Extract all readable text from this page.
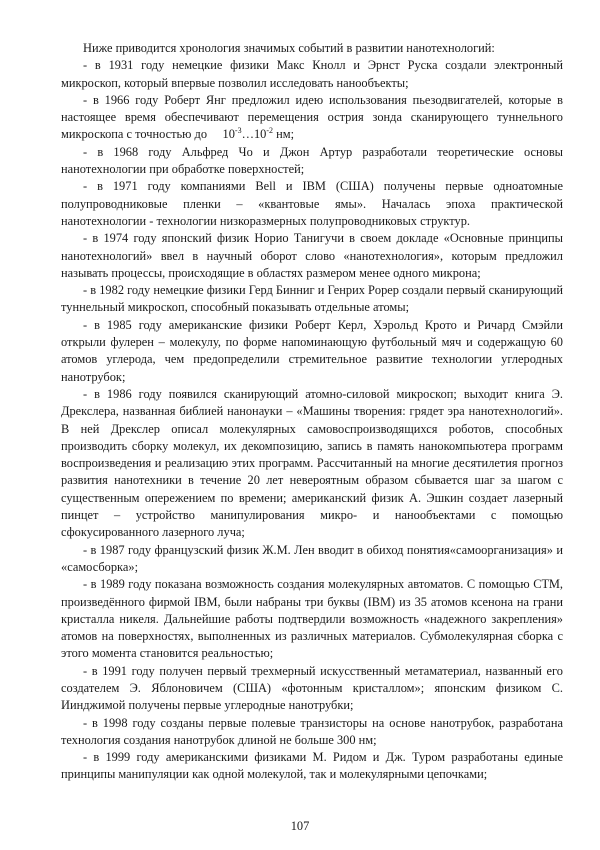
Ниже приводится хронология значимых событий в развитии нанотехнологий:

- в 1931 году немецкие физики Макс Кнолл и Эрнст Руска создали электронный микроскоп, который впервые позволил исследовать нанообъекты;

- в 1966 году Роберт Янг предложил идею использования пьезодвигателей, которые в настоящее время обеспечивают перемещения острия зонда сканирующего туннельного микроскопа с точностью до $10^{-3}\dots 10^{-2}$ нм;

- в 1968 году Альфред Чо и Джон Артур разработали теоретические основы нанотехнологии при обработке поверхностей;

- в 1971 году компаниями Bell и IBM (США) получены первые одноатомные полупроводниковые пленки – «квантовые ямы». Началась эпоха практической нанотехнологии - технологии низкоразмерных полупроводниковых структур.

- в 1974 году японский физик Норио Танигучи в своем докладе «Основные принципы нанотехнологий» ввел в научный оборот слово «нанотехнология», которым предложил называть процессы, происходящие в областях размером менее одного микрона;

- в 1982 году немецкие физики Герд Бинниг и Генрих Popep создали первый сканирующий туннельный микроскоп, способный показывать отдельные атомы;

- в 1985 году американские физики Роберт Керл, Хэрольд Крото и Ричард Смэйли открыли фулерен – молекулу, по форме напоминающую футбольный мяч и содержащую 60 атомов углерода, чем предопределили стремительное развитие технологии углеродных нанотрубок;

- в 1986 году появился сканирующий атомно-силовой микроскоп; выходит книга Э. Дрекслера, названная библией нанонауки – «Машины творения: грядет эра нанотехнологий». В ней Дрекслер описал молекулярных самовоспроизводящихся роботов, способных производить сборку молекул, их декомпозицию, запись в память нанокомпьютера программ воспроизведения и реализацию этих программ. Рассчитанный на многие десятилетия прогноз развития нанотехники в течение 20 лет невероятным образом сбывается шаг за шагом с существенным опережением по времени; американский физик А. Эшкин создает лазерный пинцет – устройство манипулирования микро- и нанообъектами с помощью сфокусированного лазерного луча;

- в 1987 году французский физик Ж.М. Лен вводит в обиход понятия«самоорганизация» и «самосборка»;

- в 1989 году показана возможность создания молекулярных автоматов. С помощью СТМ, произведённого фирмой IBM, были набраны три буквы (IBM) из 35 атомов ксенона на грани кристалла никеля. Дальнейшие работы подтвердили возможность «надежного закрепления» атомов на поверхностях, выполненных из различных материалов. Субмолекулярная сборка с этого момента становится реальностью;

- в 1991 году получен первый трехмерный искусственный метаматериал, названный его создателем Э. Яблоновичем (США) «фотонным кристаллом»; японским физиком С. Иинджимой получены первые углеродные нанотрубки;

- в 1998 году созданы первые полевые транзисторы на основе нанотрубок, разработана технология создания нанотрубок длиной не больше 300 нм;

- в 1999 году американскими физиками М. Ридом и Дж. Туром разработаны единые принципы манипуляции как одной молекулой, так и молекулярными цепочками;

107
